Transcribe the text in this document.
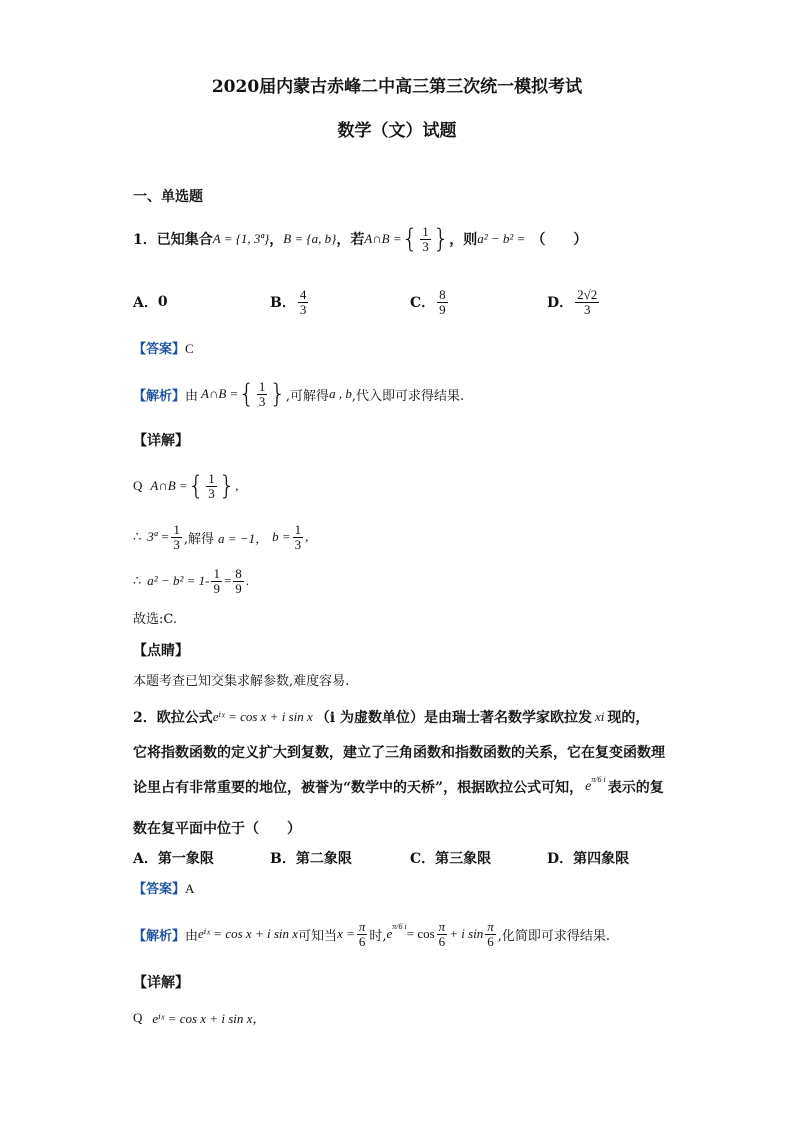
2020届内蒙古赤峰二中高三第三次统一模拟考试
数学（文）试题
一、单选题
1．已知集合 A = {1, 3ª} ， B = {a, b} ，若 A∩B = { $\frac{1}{3}$ } ，则 a² − b² = （　　）
A． 0	B． $\frac{4}{3}$	C． $\frac{8}{9}$	D． $\frac{2√2}{3}$
【答案】C
【解析】 由 A∩B = { $\frac{1}{3}$ } ,可解得 a , b ,代入即可求得结果.
【详解】
Q A∩B = { $\frac{1}{3}$ } ,
∴ 3ª = $\frac{1}{3}$ ,解得 a = −1， $b = \frac{1}{3}$ ,
∴ $a^2 - b^2 = 1- \frac{1}{9} = \frac{8}{9}$ .
故选:C.
【点睛】
本题考查已知交集求解参数,难度容易.
2．欧拉公式 eⁱˣ = cos x + i sin x （i 为虚数单位）是由瑞士著名数学家欧拉发 xi 现的，
它将指数函数的定义扩大到复数，建立了三角函数和指数函数的关系，它在复变函数理
论里占有非常重要的地位，被誉为“数学中的天桥”，根据欧拉公式可知， $e^{\pi/6 i}$
表示的复
数在复平面中位于（　　）
A．第一象限	B．第二象限	C．第三象限	D．第四象限
【答案】A
【解析】 由 eⁱˣ = cos x + i sin x 可知当 $x = \frac{\pi}{6}$ 时, $e^{\pi/6 i} = \cos \frac{\pi}{6} + i$ $\sin \frac{\pi}{6}$ ,化简即可求得结果.
【详解】
Q eⁱˣ = cos x + i sin x，
